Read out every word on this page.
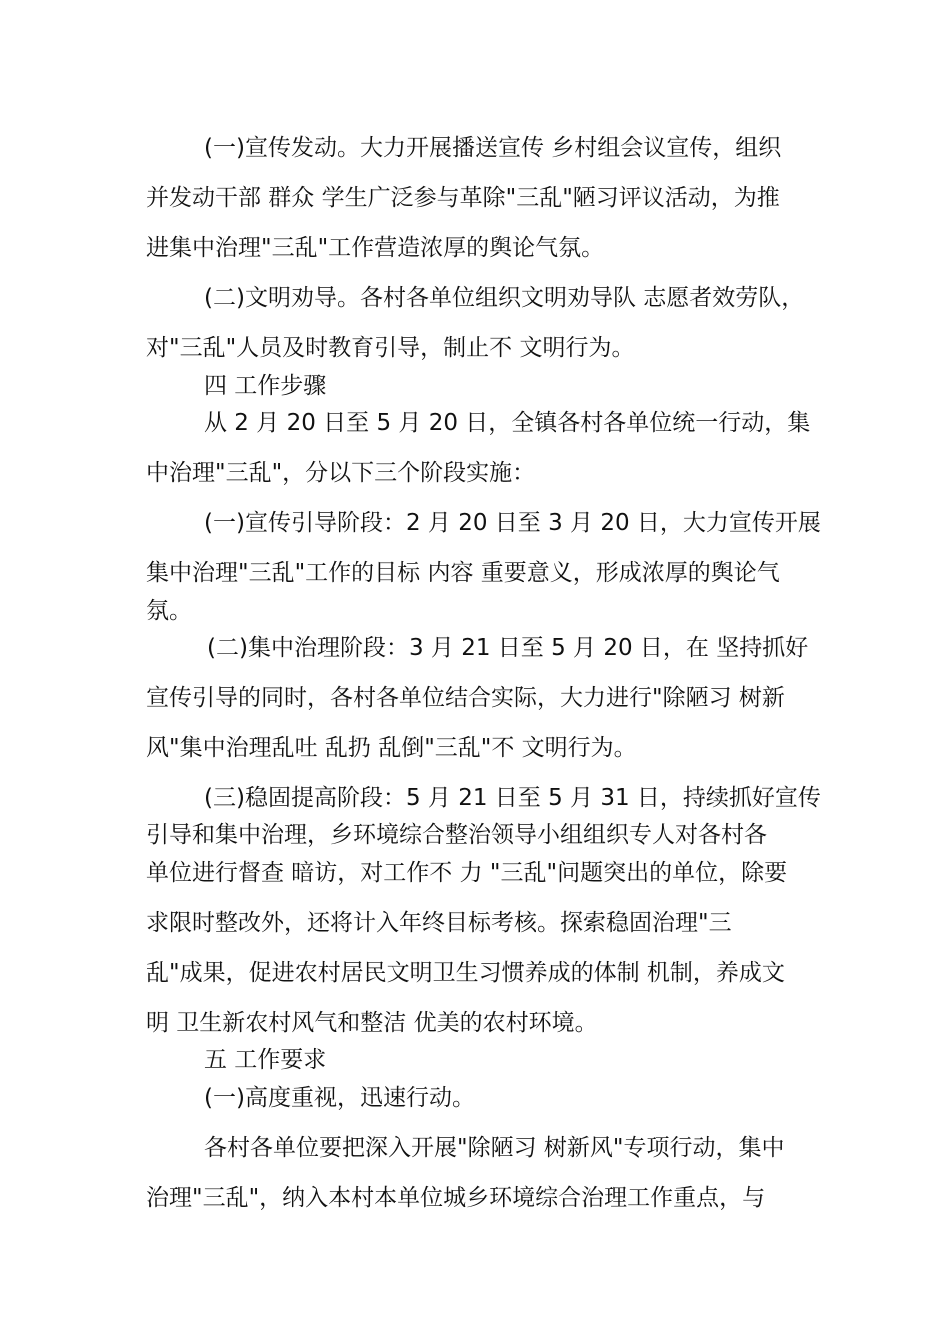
(一)宣传发动。大力开展播送宣传 乡村组会议宣传，组织
并发动干部 群众 学生广泛参与革除"三乱"陋习评议活动，为推
进集中治理"三乱"工作营造浓厚的舆论气氛。
(二)文明劝导。各村各单位组织文明劝导队 志愿者效劳队，
对"三乱"人员及时教育引导，制止不 文明行为。
四 工作步骤
从 2 月 20 日至 5 月 20 日，全镇各村各单位统一行动，集
中治理"三乱"，分以下三个阶段实施：
(一)宣传引导阶段：2 月 20 日至 3 月 20 日，大力宣传开展
集中治理"三乱"工作的目标 内容 重要意义，形成浓厚的舆论气
氛。
(二)集中治理阶段：3 月 21 日至 5 月 20 日，在 坚持抓好
宣传引导的同时，各村各单位结合实际，大力进行"除陋习 树新
风"集中治理乱吐 乱扔 乱倒"三乱"不 文明行为。
(三)稳固提高阶段：5 月 21 日至 5 月 31 日，持续抓好宣传
引导和集中治理，乡环境综合整治领导小组组织专人对各村各
单位进行督查 暗访，对工作不 力 "三乱"问题突出的单位，除要
求限时整改外，还将计入年终目标考核。探索稳固治理"三
乱"成果，促进农村居民文明卫生习惯养成的体制 机制，养成文
明 卫生新农村风气和整洁 优美的农村环境。
五 工作要求
(一)高度重视，迅速行动。
各村各单位要把深入开展"除陋习 树新风"专项行动，集中
治理"三乱"，纳入本村本单位城乡环境综合治理工作重点，与
